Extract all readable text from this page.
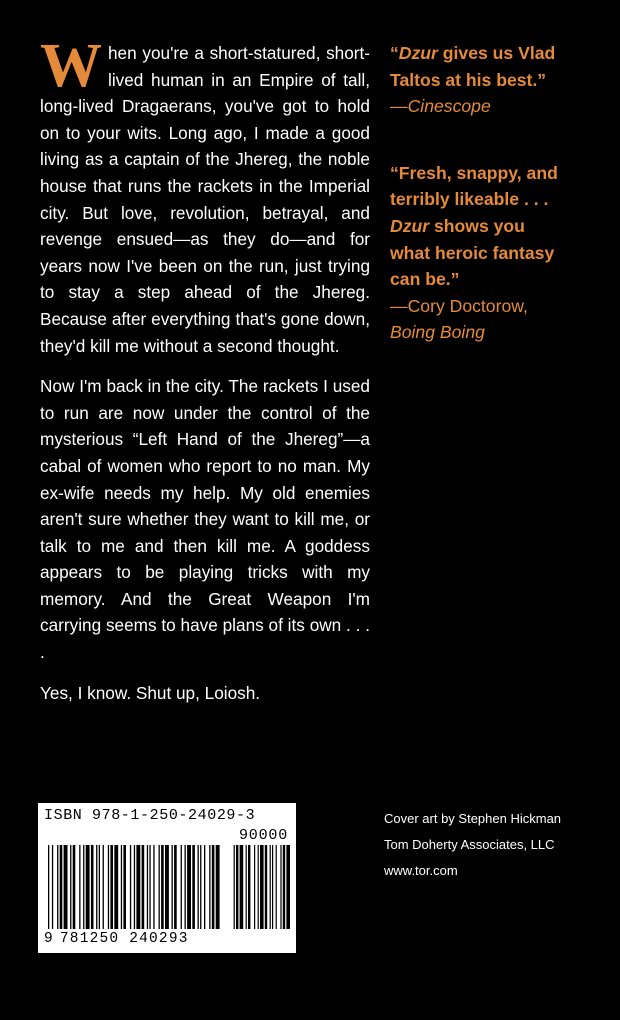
When you're a short-statured, short-lived human in an Empire of tall, long-lived Dragaerans, you've got to hold on to your wits. Long ago, I made a good living as a captain of the Jhereg, the noble house that runs the rackets in the Imperial city. But love, revolution, betrayal, and revenge ensued—as they do—and for years now I've been on the run, just trying to stay a step ahead of the Jhereg. Because after everything that's gone down, they'd kill me without a second thought.

Now I'm back in the city. The rackets I used to run are now under the control of the mysterious “Left Hand of the Jhereg”—a cabal of women who report to no man. My ex-wife needs my help. My old enemies aren't sure whether they want to kill me, or talk to me and then kill me. A goddess appears to be playing tricks with my memory. And the Great Weapon I'm carrying seems to have plans of its own . . . .

Yes, I know. Shut up, Loiosh.

“Dzur gives us Vlad
Taltos at his best.”
—Cinescope
“Fresh, snappy, and
terribly likeable . . .
Dzur shows you
what heroic fantasy
can be.”
—Cory Doctorow,
Boing Boing
ISBN 978-1-250-24029-3
90000
9 781250 240293
Cover art by Stephen Hickman
Tom Doherty Associates, LLC
www.tor.com
